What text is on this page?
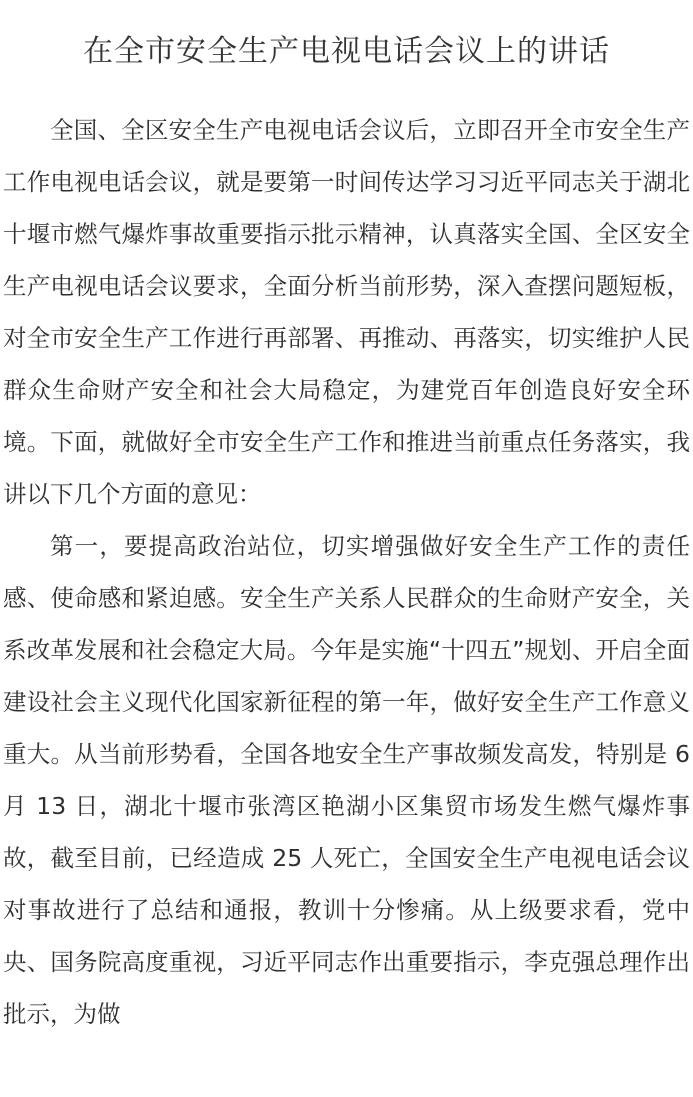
在全市安全生产电视电话会议上的讲话

全国、全区安全生产电视电话会议后，立即召开全市安全生产工作电视电话会议，就是要第一时间传达学习习近平同志关于湖北十堰市燃气爆炸事故重要指示批示精神，认真落实全国、全区安全生产电视电话会议要求，全面分析当前形势，深入查摆问题短板，对全市安全生产工作进行再部署、再推动、再落实，切实维护人民群众生命财产安全和社会大局稳定，为建党百年创造良好安全环境。下面，就做好全市安全生产工作和推进当前重点任务落实，我讲以下几个方面的意见：

第一，要提高政治站位，切实增强做好安全生产工作的责任感、使命感和紧迫感。安全生产关系人民群众的生命财产安全，关系改革发展和社会稳定大局。今年是实施“十四五”规划、开启全面建设社会主义现代化国家新征程的第一年，做好安全生产工作意义重大。从当前形势看，全国各地安全生产事故频发高发，特别是 6 月 13 日，湖北十堰市张湾区艳湖小区集贸市场发生燃气爆炸事故，截至目前，已经造成 25 人死亡，全国安全生产电视电话会议对事故进行了总结和通报，教训十分惨痛。从上级要求看，党中央、国务院高度重视，习近平同志作出重要指示，李克强总理作出批示，为做
